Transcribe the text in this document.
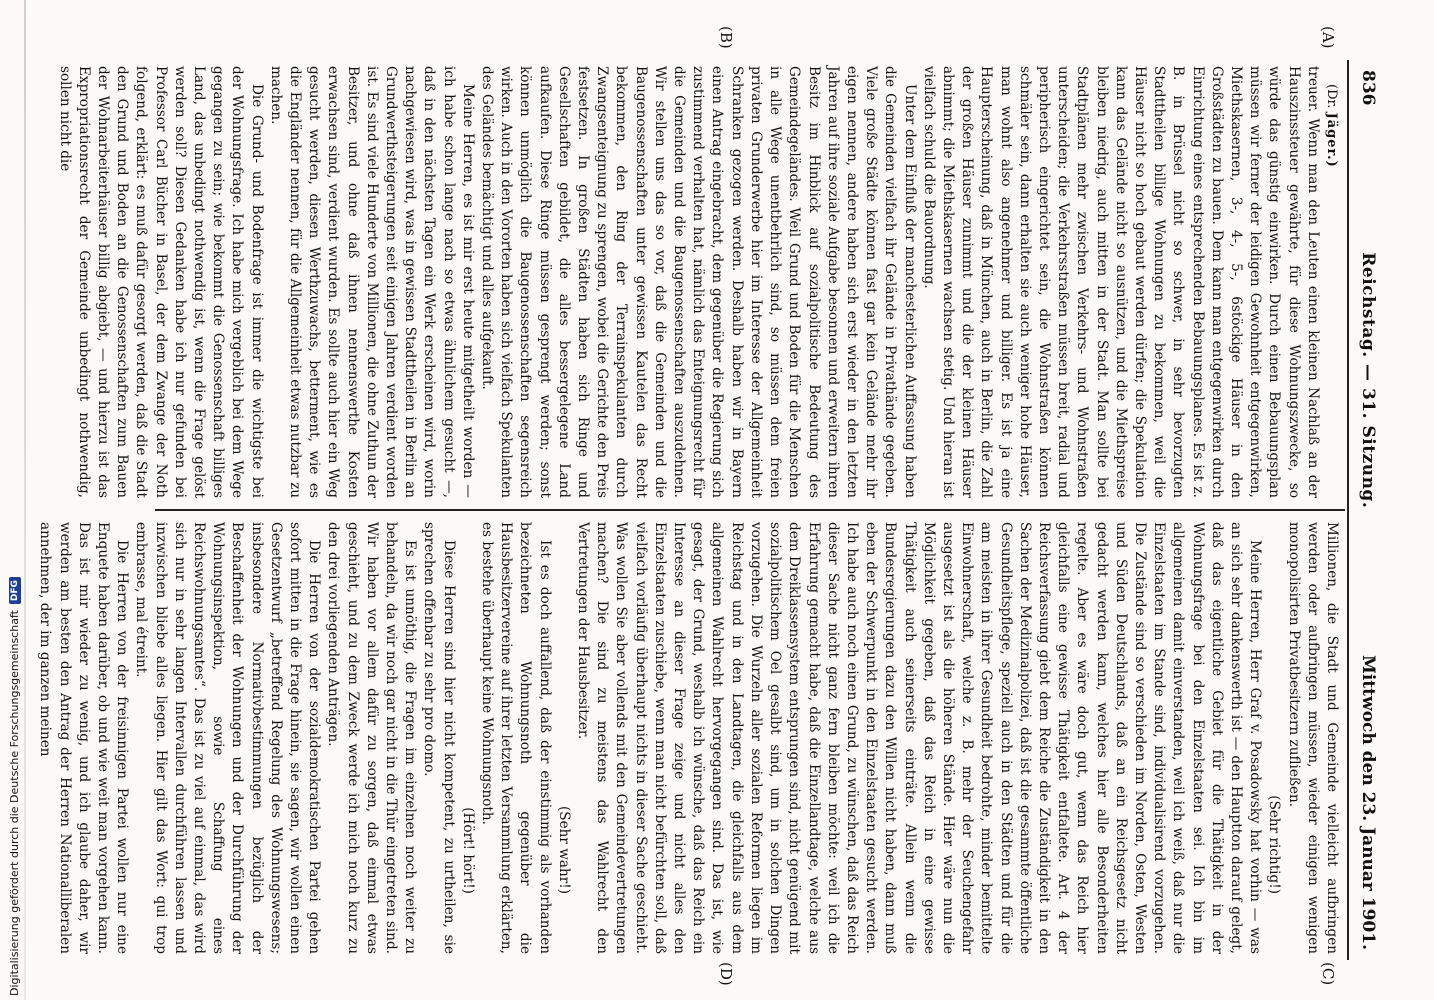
836
Reichstag. — 31. Sitzung.
Mittwoch den 23. Januar 1901.
(A)
(B)
(C)
(D)

(Dr. Jäger.)

treuer. Wenn man den Leuten einen kleinen Nachlaß an der Hauszinssteuer gewährte, für diese Wohnungszwecke, so würde das günstig einwirken. Durch einen Bebauungsplan müssen wir ferner der leidigen Gewohnheit entgegenwirken, Miethskasernen, 3-, 4-, 5-, 6stöckige Häuser in den Großstädten zu bauen. Dem kann man entgegenwirken durch Einrichtung eines entsprechenden Bebauungsplanes. Es ist z. B. in Brüssel nicht so schwer, in sehr bevorzugten Stadttheilen billige Wohnungen zu bekommen, weil die Häuser nicht so hoch gebaut werden dürfen; die Spekulation kann das Gelände nicht so ausnützen, und die Miethspreise bleiben niedrig, auch mitten in der Stadt. Man sollte bei Stadtplänen mehr zwischen Verkehrs- und Wohnstraßen unterscheiden; die Verkehrsstraßen müssen breit, radial und peripherisch eingerichtet sein, die Wohnstraßen können schmäler sein, dann erhalten sie auch weniger hohe Häuser, man wohnt also angenehmer und billiger. Es ist ja eine Haupterscheinung, daß in München, auch in Berlin, die Zahl der großen Häuser zunimmt und die der kleinen Häuser abnimmt; die Miethskasernen wachsen stetig. Und hieran ist vielfach schuld die Bauordnung.

Unter dem Einfluß der manchesterlichen Auffassung haben die Gemeinden vielfach ihr Gelände in Privathände gegeben. Viele große Städte können fast gar kein Gelände mehr ihr eigen nennen, andere haben sich erst wieder in den letzten Jahren auf ihre soziale Aufgabe besonnen und erweitern ihren Besitz im Hinblick auf sozialpolitische Bedeutung des Gemeindegeländes. Weil Grund und Boden für die Menschen in alle Wege unentbehrlich sind, so müssen dem freien privaten Grunderwerbe hier im Interesse der Allgemeinheit Schranken gezogen werden. Deshalb haben wir in Bayern einen Antrag eingebracht, dem gegenüber die Regierung sich zustimmend verhalten hat, nämlich das Enteignungsrecht für die Gemeinden und die Baugenossenschaften auszudehnen. Wir stellen uns das so vor, daß die Gemeinden und die Baugenossenschaften unter gewissen Kautelen das Recht bekommen, den Ring der Terrainspekulanten durch Zwangsenteignung zu sprengen, wobei die Gerichte den Preis festsetzen. In großen Städten haben sich Ringe und Gesellschaften gebildet, die alles bessergelegene Land aufkaufen. Diese Ringe müssen gesprengt werden; sonst können unmöglich die Baugenossenschaften segensreich wirken. Auch in den Vororten haben sich vielfach Spekulanten des Geländes bemächtigt und alles aufgekauft.

Meine Herren, es ist mir erst heute mitgetheilt worden — ich habe schon lange nach so etwas ähnlichem gesucht —, daß in den nächsten Tagen ein Werk erscheinen wird, worin nachgewiesen wird, was in gewissen Stadttheilen in Berlin an Grundwerthsteigerungen seit einigen Jahren verdient worden ist. Es sind viele Hunderte von Millionen, die ohne Zuthun der Besitzer, und ohne daß ihnen nennenswerthe Kosten erwachsen sind, verdient wurden. Es sollte auch hier ein Weg gesucht werden, diesen Werthzuwachs, betterment, wie es die Engländer nennen, für die Allgemeinheit etwas nutzbar zu machen.

Die Grund- und Bodenfrage ist immer die wichtigste bei der Wohnungsfrage. Ich habe mich vergeblich bei dem Wege gegangen zu sein; wie bekommt die Genossenschaft billiges Land, das unbedingt nothwendig ist, wenn die Frage gelöst werden soll? Diesen Gedanken habe ich nur gefunden bei Professor Carl Bücher in Basel, der dem Zwange der Noth folgend, erklärt: es muß dafür gesorgt werden, daß die Stadt den Grund und Boden an die Genossenschaften zum Bauen der Wohnarbeiterhäuser billig abgiebt, — und hierzu ist das Expropriationsrecht der Gemeinde unbedingt nothwendig, sollen nicht die

Millionen, die Stadt und Gemeinde vielleicht aufbringen werden oder aufbringen müssen, wieder einigen wenigen monopolisirten Privatbesitzern zufließen.

(Sehr richtig!)

Meine Herren, Herr Graf v. Posadowsky hat vorhin — was an sich sehr dankenswerth ist — den Hauptton darauf gelegt, daß das eigentliche Gebiet für die Thätigkeit in der Wohnungsfrage bei den Einzelstaaten sei. Ich bin im allgemeinen damit einverstanden, weil ich weiß, daß nur die Einzelstaaten im Stande sind, individualisirend vorzugehen. Die Zustände sind so verschieden im Norden, Osten, Westen und Süden Deutschlands, daß an ein Reichsgesetz nicht gedacht werden kann, welches hier alle Besonderheiten regelte. Aber es wäre doch gut, wenn das Reich hier gleichfalls eine gewisse Thätigkeit entfaltete. Art. 4 der Reichsverfassung giebt dem Reiche die Zuständigkeit in den Sachen der Medizinalpolizei, daß ist die gesammte öffentliche Gesundheitspflege, speziell auch in den Städten und für die am meisten in ihrer Gesundheit bedrohte, minder bemittelte Einwohnerschaft, welche z. B. mehr der Seuchengefahr ausgesetzt ist als die höheren Stände. Hier wäre nun die Möglichkeit gegeben, daß das Reich in eine gewisse Thätigkeit auch seinerseits einträte. Allein wenn die Bundesregierungen dazu den Willen nicht haben, dann muß eben der Schwerpunkt in den Einzelstaaten gesucht werden. Ich habe auch noch einen Grund, zu wünschen, daß das Reich dieser Sache nicht ganz fern bleiben möchte: weil ich die Erfahrung gemacht habe, daß die Einzellandtage, welche aus dem Dreiklassensystem entsprungen sind, nicht genügend mit sozialpolitischem Oel gesalbt sind, um in solchen Dingen vorzugehen. Die Wurzeln aller sozialen Reformen liegen im Reichstag und in den Landtagen, die gleichfalls aus dem allgemeinen Wahlrecht hervorgegangen sind. Das ist, wie gesagt, der Grund, weshalb ich wünsche, daß das Reich ein Interesse an dieser Frage zeige und nicht alles den Einzelstaaten zuschiebe, wenn man nicht befürchten soll, daß vielfach vorläufig überhaupt nichts in dieser Sache geschieht. Was wollen Sie aber vollends mit den Gemeindevertretungen machen? Die sind zu meistens das Wahlrecht den Vertretungen der Hausbesitzer.

(Sehr wahr!)

Ist es doch auffallend, daß der einstimmig als vorhanden bezeichneten Wohnungsnoth gegenüber die Hausbesitzervereine auf ihrer letzten Versammlung erklärten, es bestehe überhaupt keine Wohnungsnoth.

(Hört! hört!)

Diese Herren sind hier nicht kompetent, zu urtheilen, sie sprechen offenbar zu sehr pro domo.

Es ist unnöthig, die Fragen im einzelnen noch weiter zu behandeln, da wir noch gar nicht in die Thür eingetreten sind. Wir haben vor allem dafür zu sorgen, daß einmal etwas geschieht, und zu dem Zweck werde ich mich noch kurz zu den drei vorliegenden Anträgen.

Die Herren von der sozialdemokratischen Partei gehen sofort mitten in die Frage hinein, sie sagen, wir wollen einen Gesetzentwurf „betreffend Regelung des Wohnungswesens; insbesondere Normativbestimmungen bezüglich der Beschaffenheit der Wohnungen und der Durchführung der Wohnungsinspektion, sowie Schaffung eines Reichswohnungsamtes“. Das ist zu viel auf einmal, das wird sich nur in sehr langen Intervallen durchführen lassen und inzwischen bliebe alles liegen. Hier gilt das Wort: qui trop embrasse, mal étreint.

Die Herren von der freisinnigen Partei wollen nur eine Enquete haben darüber, ob und wie weit man vorgehen kann. Das ist mir wieder zu wenig, und ich glaube daher, wir werden am besten den Antrag der Herren Nationalliberalen annehmen, der im ganzen meinen

Digitalisierung gefördert durch die Deutsche Forschungsgemeinschaft
DFG
